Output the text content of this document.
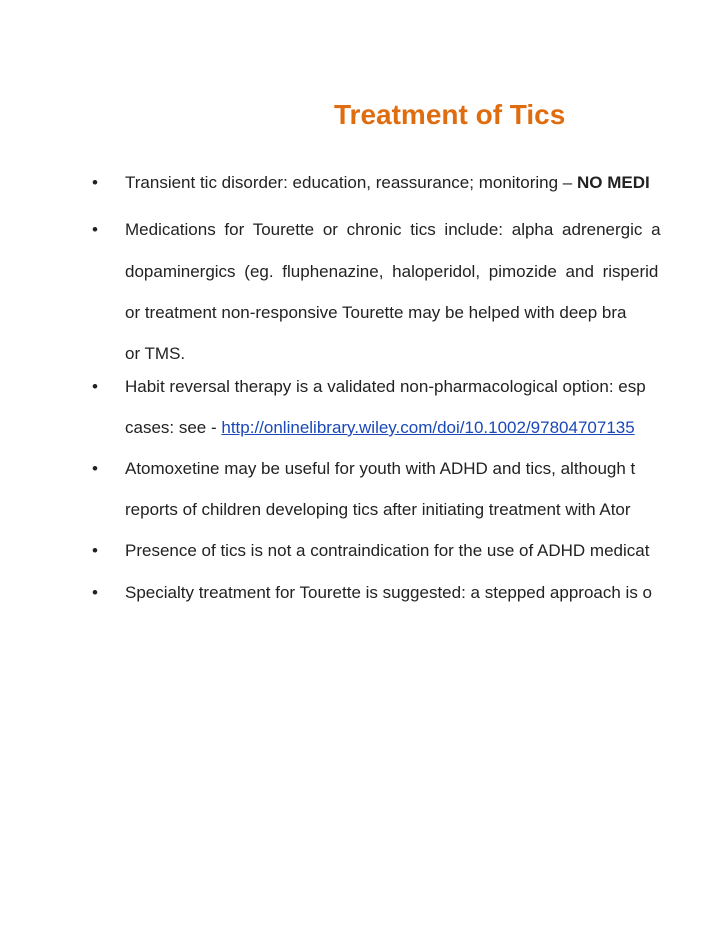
Treatment of Tics
• Transient tic disorder: education, reassurance; monitoring – NO MEDI
• Medications for Tourette or chronic tics include: alpha adrenergic a
dopaminergics (eg. fluphenazine, haloperidol, pimozide and risperid
or treatment non-responsive Tourette may be helped with deep bra
or TMS.
• Habit reversal therapy is a validated non-pharmacological option: esp
cases: see - http://onlinelibrary.wiley.com/doi/10.1002/97804707135
• Atomoxetine may be useful for youth with ADHD and tics, although t
reports of children developing tics after initiating treatment with Ator
• Presence of tics is not a contraindication for the use of ADHD medicat
• Specialty treatment for Tourette is suggested: a stepped approach is o
